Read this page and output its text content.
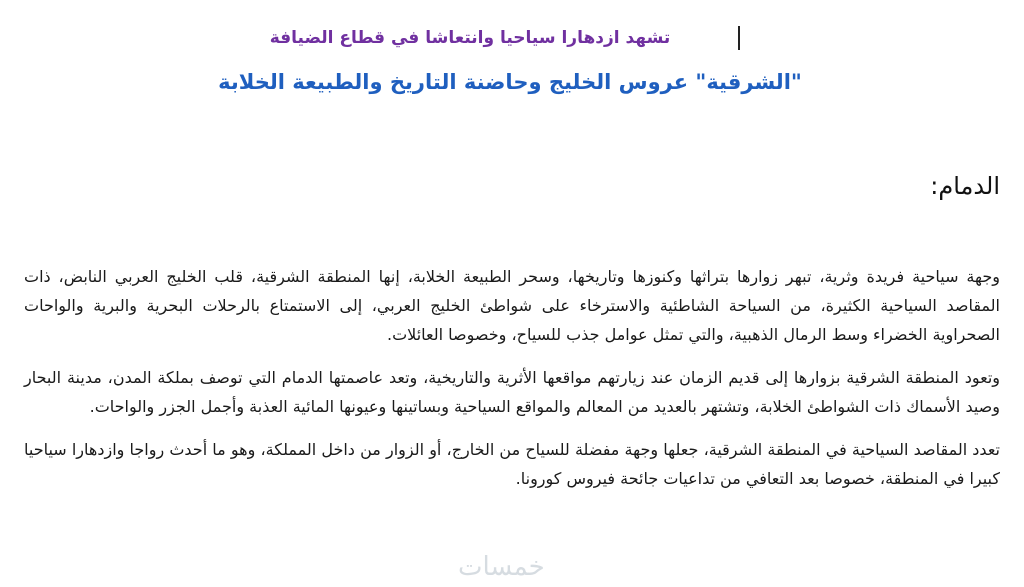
تشهد ازدهارا سياحيا وانتعاشا في قطاع الضيافة
"الشرقية" عروس الخليج وحاضنة التاريخ والطبيعة الخلابة
الدمام:

وجهة سياحية فريدة وثرية، تبهر زوارها بتراثها وكنوزها وتاريخها، وسحر الطبيعة الخلابة، إنها المنطقة الشرقية، قلب الخليج العربي النابض، ذات المقاصد السياحية الكثيرة، من السياحة الشاطئية والاسترخاء على شواطئ الخليج العربي، إلى الاستمتاع بالرحلات البحرية والبرية والواحات الصحراوية الخضراء وسط الرمال الذهبية، والتي تمثل عوامل جذب للسياح، وخصوصا العائلات.

وتعود المنطقة الشرقية بزوارها إلى قديم الزمان عند زيارتهم مواقعها الأثرية والتاريخية، وتعد عاصمتها الدمام التي توصف بملكة المدن، مدينة البحار وصيد الأسماك ذات الشواطئ الخلابة، وتشتهر بالعديد من المعالم والمواقع السياحية وبساتينها وعيونها المائية العذبة وأجمل الجزر والواحات.

تعدد المقاصد السياحية في المنطقة الشرقية، جعلها وجهة مفضلة للسياح من الخارج، أو الزوار من داخل المملكة، وهو ما أحدث رواجا وازدهارا سياحيا كبيرا في المنطقة، خصوصا بعد التعافي من تداعيات جائحة فيروس كورونا.

خمسات
